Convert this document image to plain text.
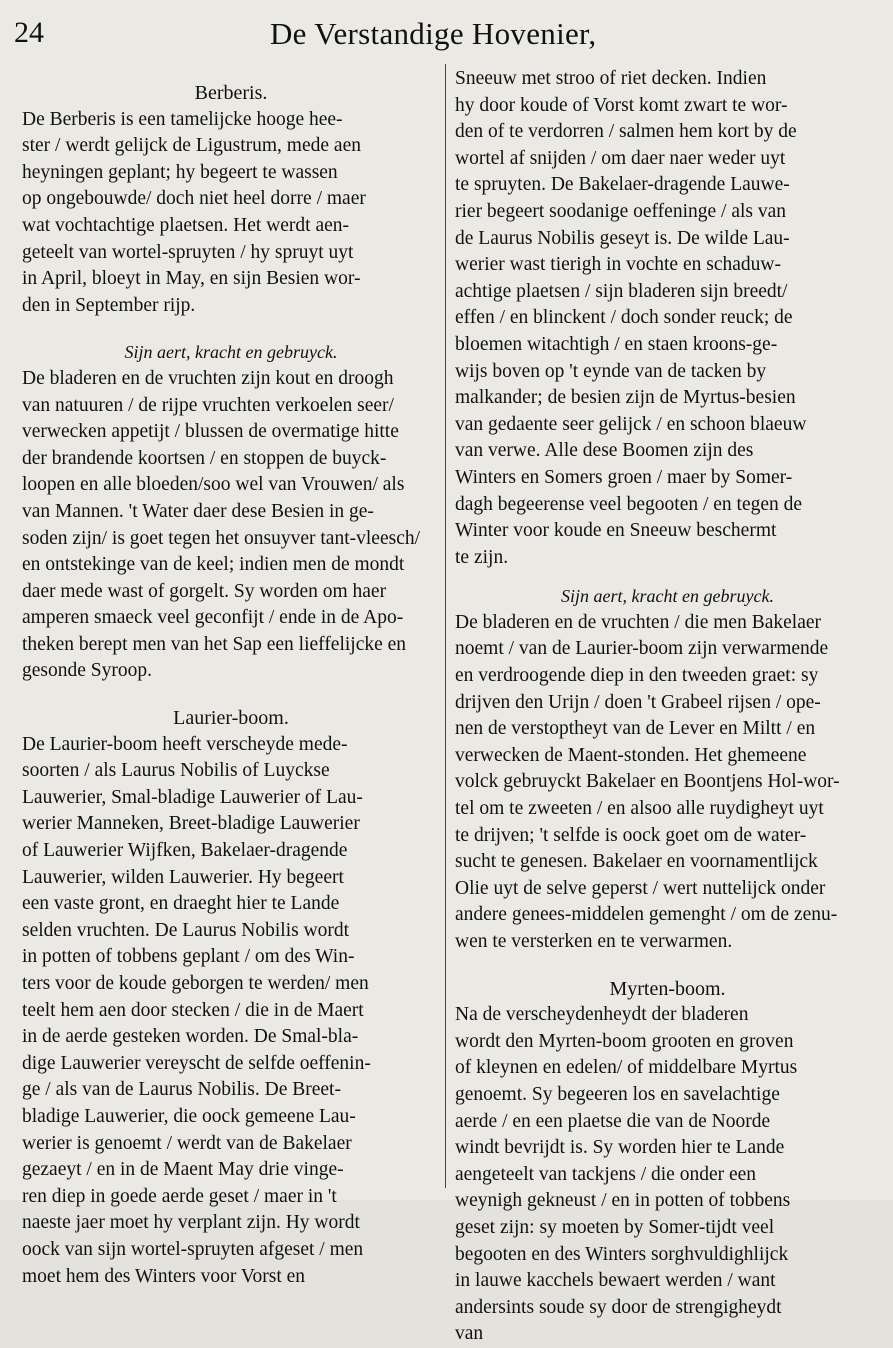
24	De Verstandige Hovenier,
Berberis.
De Berberis is een tamelijcke hooge hee-
ster / werdt gelijck de Ligustrum, mede aen
heyningen geplant; hy begeert te wassen
op ongebouwde/ doch niet heel dorre / maer
wat vochtachtige plaetsen. Het werdt aen-
geteelt van wortel-spruyten / hy spruyt uyt
in April, bloeyt in May, en sijn Besien wor-
den in September rijp.
Sijn aert, kracht en gebruyck.
De bladeren en de vruchten zijn kout en droogh
van natuuren / de rijpe vruchten verkoelen seer/
verwecken appetijt / blussen de overmatige hitte
der brandende koortsen / en stoppen de buyck-
loopen en alle bloeden/soo wel van Vrouwen/ als
van Mannen. 't Water daer dese Besien in ge-
soden zijn/ is goet tegen het onsuyver tant-vleesch/
en ontstekinge van de keel; indien men de mondt
daer mede wast of gorgelt. Sy worden om haer
amperen smaeck veel geconfijt / ende in de Apo-
theken berept men van het Sap een lieffelijcke en
gesonde Syroop.
Laurier-boom.
De Laurier-boom heeft verscheyde mede-
soorten / als Laurus Nobilis of Luyckse
Lauwerier, Smal-bladige Lauwerier of Lau-
werier Manneken, Breet-bladige Lauwerier
of Lauwerier Wijfken, Bakelaer-dragende
Lauwerier, wilden Lauwerier. Hy begeert
een vaste gront, en draeght hier te Lande
selden vruchten. De Laurus Nobilis wordt
in potten of tobbens geplant / om des Win-
ters voor de koude geborgen te werden/ men
teelt hem aen door stecken / die in de Maert
in de aerde gesteken worden. De Smal-bla-
dige Lauwerier vereyscht de selfde oeffenin-
ge / als van de Laurus Nobilis. De Breet-
bladige Lauwerier, die oock gemeene Lau-
werier is genoemt / werdt van de Bakelaer
gezaeyt / en in de Maent May drie vinge-
ren diep in goede aerde geset / maer in 't
naeste jaer moet hy verplant zijn. Hy wordt
oock van sijn wortel-spruyten afgeset / men
moet hem des Winters voor Vorst en
Sneeuw met stroo of riet decken. Indien
hy door koude of Vorst komt zwart te wor-
den of te verdorren / salmen hem kort by de
wortel af snijden / om daer naer weder uyt
te spruyten. De Bakelaer-dragende Lauwe-
rier begeert soodanige oeffeninge / als van
de Laurus Nobilis geseyt is. De wilde Lau-
werier wast tierigh in vochte en schaduw-
achtige plaetsen / sijn bladeren sijn breedt/
effen / en blinckent / doch sonder reuck; de
bloemen witachtigh / en staen kroons-ge-
wijs boven op 't eynde van de tacken by
malkander; de besien zijn de Myrtus-besien
van gedaente seer gelijck / en schoon blaeuw
van verwe. Alle dese Boomen zijn des
Winters en Somers groen / maer by Somer-
dagh begeerense veel begooten / en tegen de
Winter voor koude en Sneeuw beschermt
te zijn.
Sijn aert, kracht en gebruyck.
De bladeren en de vruchten / die men Bakelaer
noemt / van de Laurier-boom zijn verwarmende
en verdroogende diep in den tweeden graet: sy
drijven den Urijn / doen 't Grabeel rijsen / ope-
nen de verstoptheyt van de Lever en Miltt / en
verwecken de Maent-stonden. Het ghemeene
volck gebruyckt Bakelaer en Boontjens Hol-wor-
tel om te zweeten / en alsoo alle ruydigheyt uyt
te drijven; 't selfde is oock goet om de water-
sucht te genesen. Bakelaer en voornamentlijck
Olie uyt de selve geperst / wert nuttelijck onder
andere genees-middelen gemenght / om de zenu-
wen te versterken en te verwarmen.
Myrten-boom.
Na de verscheydenheydt der bladeren
wordt den Myrten-boom grooten en groven
of kleynen en edelen/ of middelbare Myrtus
genoemt. Sy begeeren los en savelachtige
aerde / en een plaetse die van de Noorde
windt bevrijdt is. Sy worden hier te Lande
aengeteelt van tackjens / die onder een
weynigh gekneust / en in potten of tobbens
geset zijn: sy moeten by Somer-tijdt veel
begooten en des Winters sorghvuldighlijck
in lauwe kacchels bewaert werden / want
andersints soude sy door de strengigheydt
van
